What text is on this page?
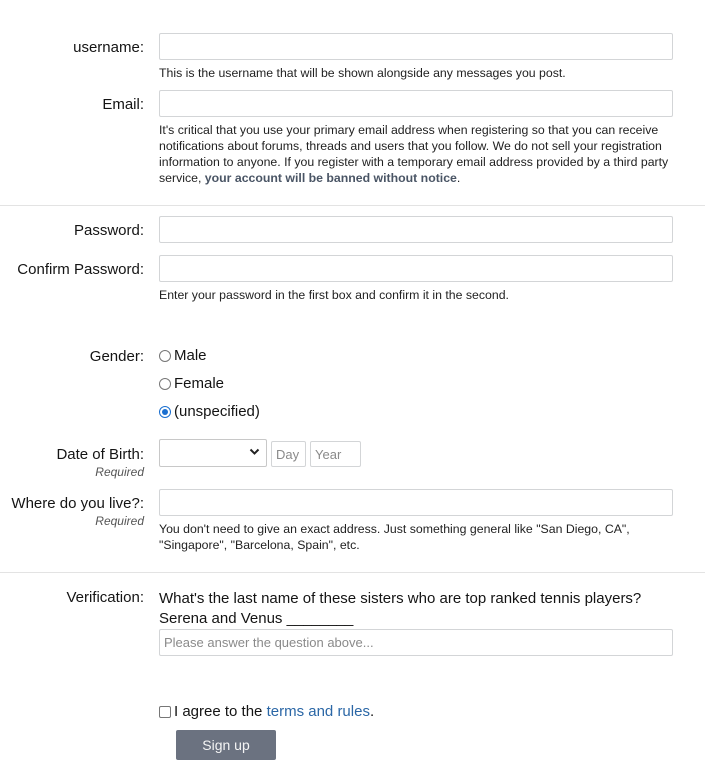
username:
This is the username that will be shown alongside any messages you post.
Email:
It's critical that you use your primary email address when registering so that you can receive notifications about forums, threads and users that you follow. We do not sell your registration information to anyone. If you register with a temporary email address provided by a third party service, your account will be banned without notice.
Password:
Confirm Password:
Enter your password in the first box and confirm it in the second.
Gender: Male
Female
(unspecified)
Date of Birth:
Required
Day
Year
Where do you live?:
Required
You don't need to give an exact address. Just something general like "San Diego, CA", "Singapore", "Barcelona, Spain", etc.
Verification: What's the last name of these sisters who are top ranked tennis players?
Serena and Venus ________
Please answer the question above...
I agree to the
terms and rules .
Sign up
